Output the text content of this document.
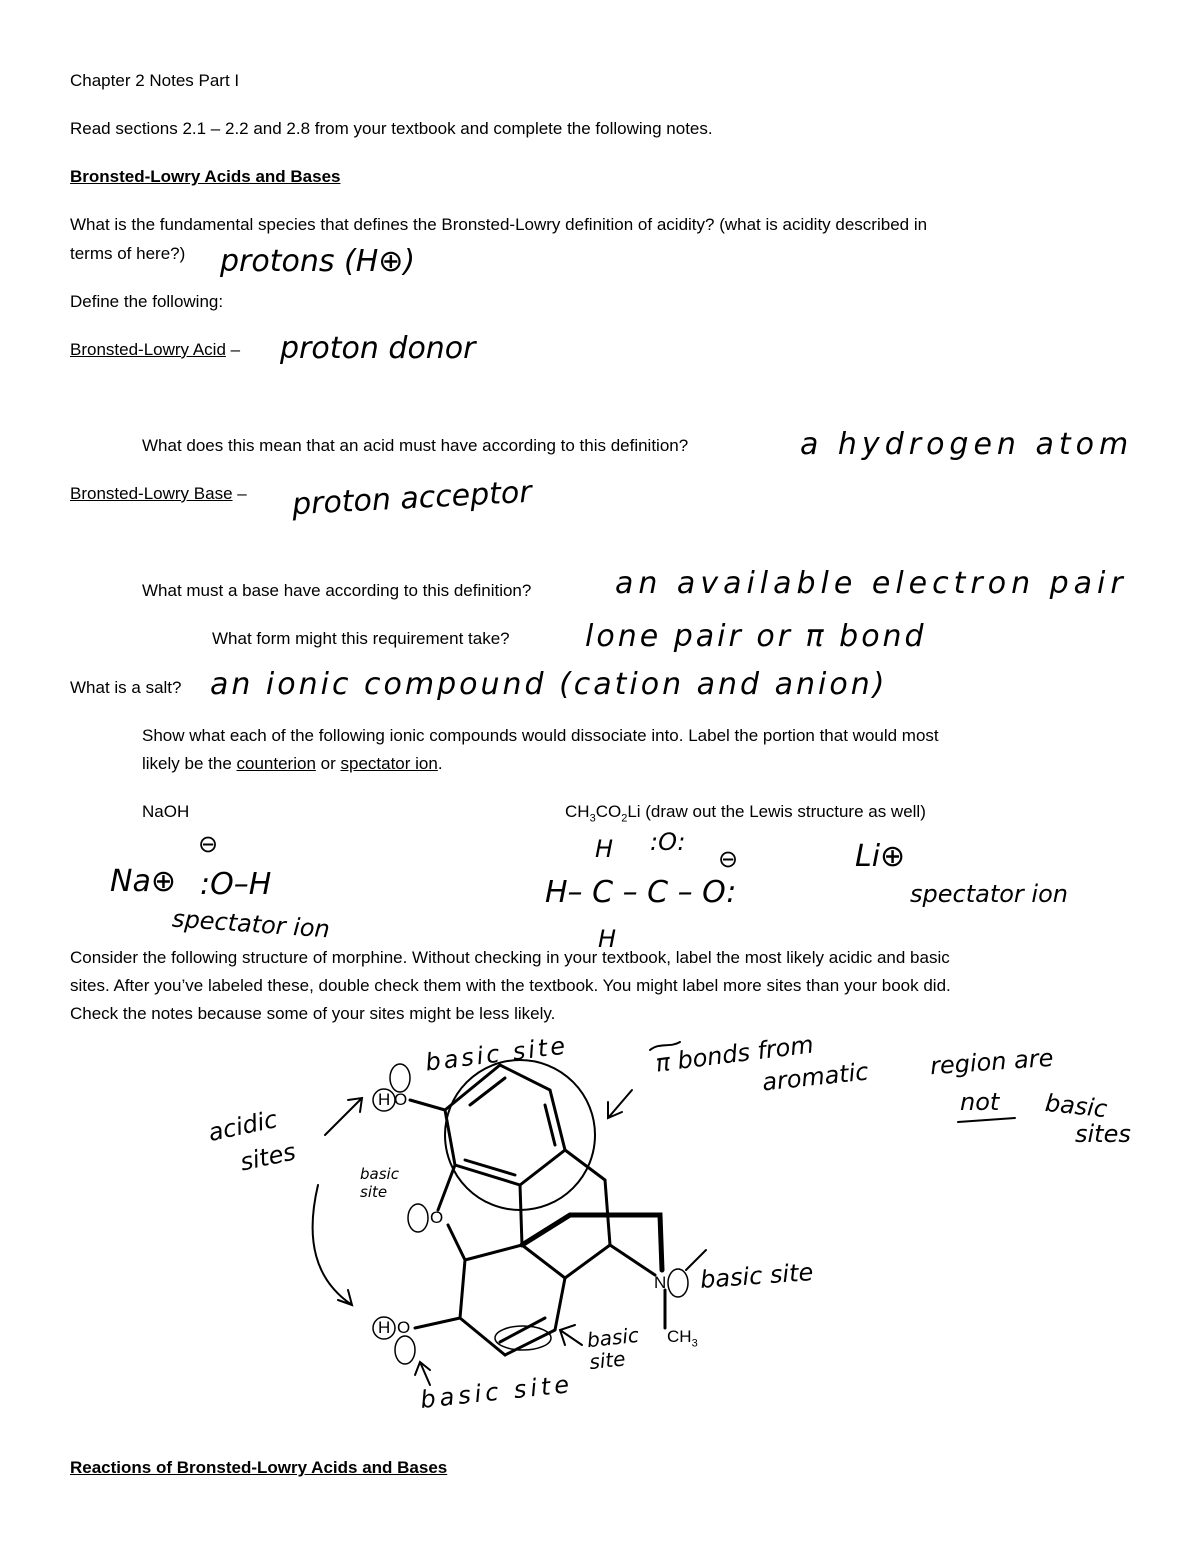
Chapter 2 Notes Part I
Read sections 2.1 – 2.2 and 2.8 from your textbook and complete the following notes.
Bronsted-Lowry Acids and Bases
What is the fundamental species that defines the Bronsted-Lowry definition of acidity? (what is acidity described in
terms of here?) protons (H⊕)
Define the following:
Bronsted-Lowry Acid – proton donor
What does this mean that an acid must have according to this definition?	a hydrogen atom
Bronsted-Lowry Base – proton acceptor
What must a base have according to this definition?	an available electron pair
What form might this requirement take?	lone pair or π bond
What is a salt? an ionic compound (cation and anion)
Show what each of the following ionic compounds would dissociate into. Label the portion that would most
likely be the counterion or spectator ion.
NaOH	$CH_3CO_2Li$ (draw out the Lewis structure as well)
Na⊕
⊖
:O–H
spectator ion
H :O:
⊖
H– C – C – O:
H
Li⊕
spectator ion
Consider the following structure of morphine. Without checking in your textbook, label the most likely acidic and basic
sites. After you’ve labeled these, double check them with the textbook. You might label more sites than your book did.
Check the notes because some of your sites might be less likely.
H O
O
H O
N
$CH_3$
basic site	π bonds from
aromatic region are
not basic
sites
acidic
sites	basic site
basic site
basic site
basic site
Reactions of Bronsted-Lowry Acids and Bases
